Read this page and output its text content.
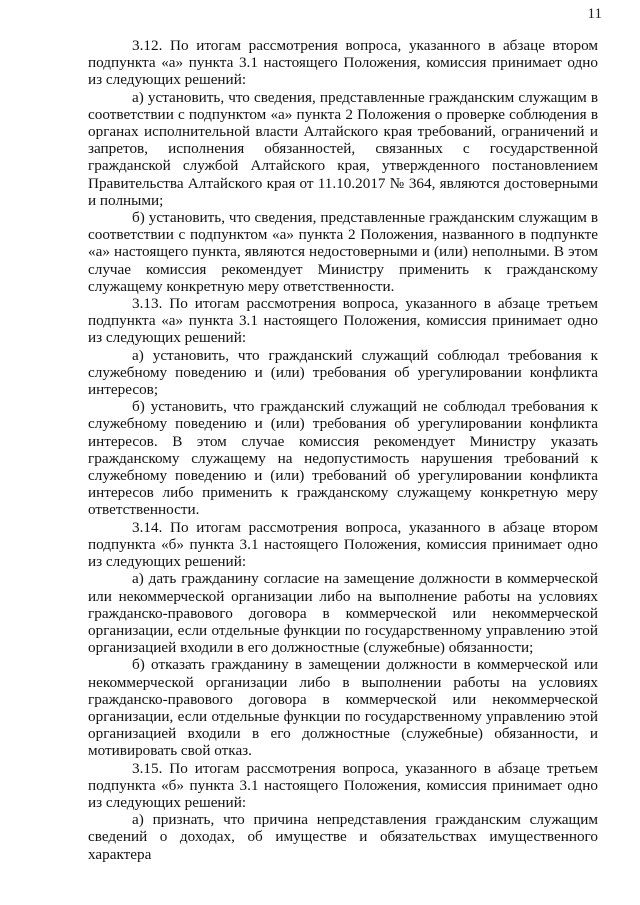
11

3.12. По итогам рассмотрения вопроса, указанного в абзаце втором подпункта «а» пункта 3.1 настоящего Положения, комиссия принимает одно из следующих решений:

а) установить, что сведения, представленные гражданским служащим в соответствии с подпунктом «а» пункта 2 Положения о проверке соблюдения в органах исполнительной власти Алтайского края требований, ограничений и запретов, исполнения обязанностей, связанных с государственной гражданской службой Алтайского края, утвержденного постановлением Правительства Алтайского края от 11.10.2017 № 364, являются достоверными и полными;

б) установить, что сведения, представленные гражданским служащим в соответствии с подпунктом «а» пункта 2 Положения, названного в подпункте «а» настоящего пункта, являются недостоверными и (или) неполными. В этом случае комиссия рекомендует Министру применить к гражданскому служащему конкретную меру ответственности.

3.13. По итогам рассмотрения вопроса, указанного в абзаце третьем подпункта «а» пункта 3.1 настоящего Положения, комиссия принимает одно из следующих решений:

а) установить, что гражданский служащий соблюдал требования к служебному поведению и (или) требования об урегулировании конфликта интересов;

б) установить, что гражданский служащий не соблюдал требования к служебному поведению и (или) требования об урегулировании конфликта интересов. В этом случае комиссия рекомендует Министру указать гражданскому служащему на недопустимость нарушения требований к служебному поведению и (или) требований об урегулировании конфликта интересов либо применить к гражданскому служащему конкретную меру ответственности.

3.14. По итогам рассмотрения вопроса, указанного в абзаце втором подпункта «б» пункта 3.1 настоящего Положения, комиссия принимает одно из следующих решений:

а) дать гражданину согласие на замещение должности в коммерческой или некоммерческой организации либо на выполнение работы на условиях гражданско-правового договора в коммерческой или некоммерческой организации, если отдельные функции по государственному управлению этой организацией входили в его должностные (служебные) обязанности;

б) отказать гражданину в замещении должности в коммерческой или некоммерческой организации либо в выполнении работы на условиях гражданско-правового договора в коммерческой или некоммерческой организации, если отдельные функции по государственному управлению этой организацией входили в его должностные (служебные) обязанности, и мотивировать свой отказ.

3.15. По итогам рассмотрения вопроса, указанного в абзаце третьем подпункта «б» пункта 3.1 настоящего Положения, комиссия принимает одно из следующих решений:

а) признать, что причина непредставления гражданским служащим сведений о доходах, об имуществе и обязательствах имущественного характера
